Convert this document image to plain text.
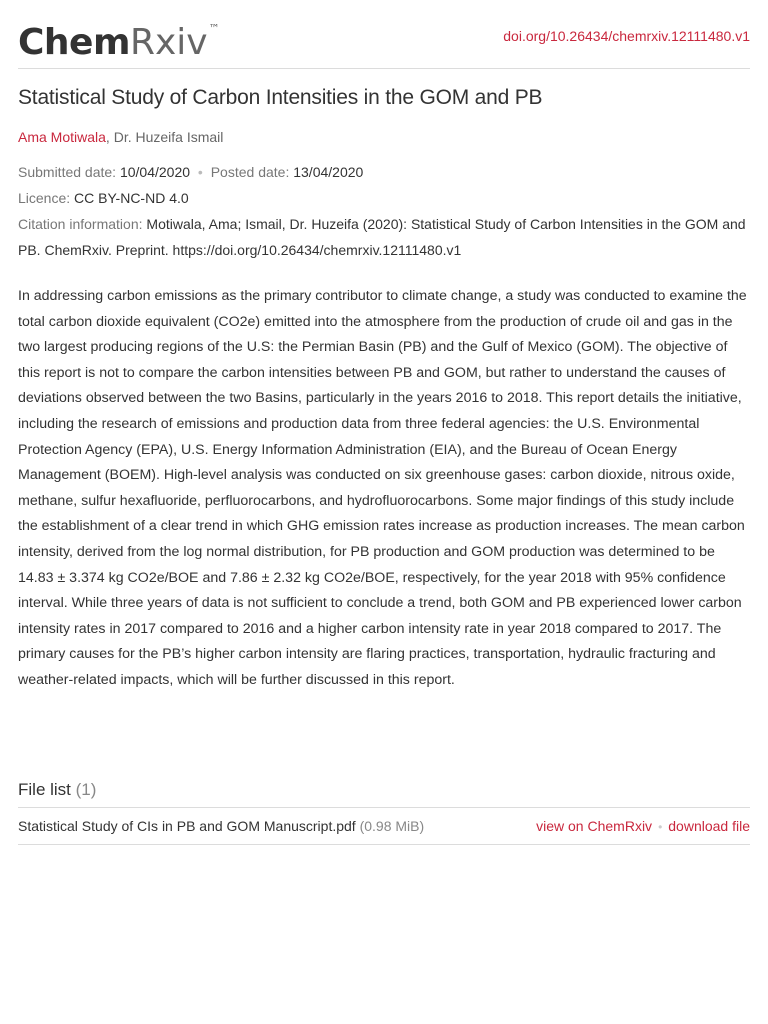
ChemRxiv™	doi.org/10.26434/chemrxiv.12111480.v1
Statistical Study of Carbon Intensities in the GOM and PB
Ama Motiwala, Dr. Huzeifa Ismail
Submitted date: 10/04/2020 • Posted date: 13/04/2020
Licence: CC BY-NC-ND 4.0
Citation information: Motiwala, Ama; Ismail, Dr. Huzeifa (2020): Statistical Study of Carbon Intensities in the GOM and PB. ChemRxiv. Preprint. https://doi.org/10.26434/chemrxiv.12111480.v1

In addressing carbon emissions as the primary contributor to climate change, a study was conducted to examine the total carbon dioxide equivalent (CO2e) emitted into the atmosphere from the production of crude oil and gas in the two largest producing regions of the U.S: the Permian Basin (PB) and the Gulf of Mexico (GOM). The objective of this report is not to compare the carbon intensities between PB and GOM, but rather to understand the causes of deviations observed between the two Basins, particularly in the years 2016 to 2018. This report details the initiative, including the research of emissions and production data from three federal agencies: the U.S. Environmental Protection Agency (EPA), U.S. Energy Information Administration (EIA), and the Bureau of Ocean Energy Management (BOEM). High-level analysis was conducted on six greenhouse gases: carbon dioxide, nitrous oxide, methane, sulfur hexafluoride, perfluorocarbons, and hydrofluorocarbons. Some major findings of this study include the establishment of a clear trend in which GHG emission rates increase as production increases. The mean carbon intensity, derived from the log normal distribution, for PB production and GOM production was determined to be 14.83 ± 3.374 kg CO2e/BOE and 7.86 ± 2.32 kg CO2e/BOE, respectively, for the year 2018 with 95% confidence interval. While three years of data is not sufficient to conclude a trend, both GOM and PB experienced lower carbon intensity rates in 2017 compared to 2016 and a higher carbon intensity rate in year 2018 compared to 2017. The primary causes for the PB’s higher carbon intensity are flaring practices, transportation, hydraulic fracturing and weather-related impacts, which will be further discussed in this report.

File list (1)
Statistical Study of CIs in PB and GOM Manuscript.pdf (0.98 MiB)	view on ChemRxiv • download file
